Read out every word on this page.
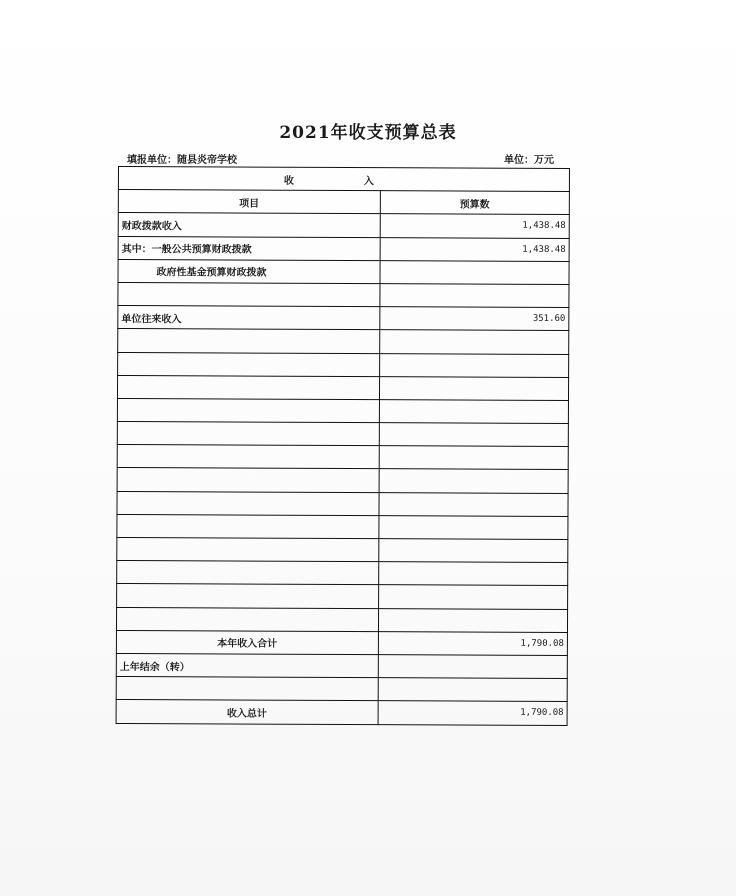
2021年收支预算总表
填报单位：随县炎帝学校	单位：万元
收　入	
项目	预算数
财政拨款收入	1,438.48
其中：一般公共预算财政拨款	1,438.48
政府性基金预算财政拨款	

单位往来收入	351.60

本年收入合计	1,790.08
上年结余（转）	

收入总计	1,790.08
